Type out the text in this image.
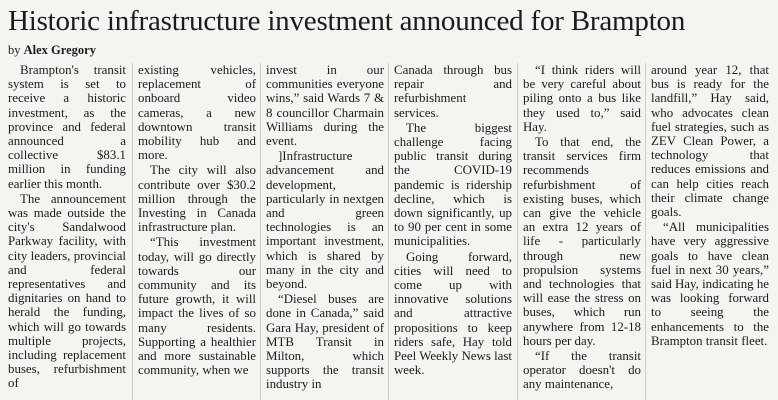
Historic infrastructure investment announced for Brampton
by Alex Gregory

Brampton's transit system is set to receive a historic investment, as the province and federal announced a collective $83.1 million in funding earlier this month.

The announcement was made outside the city's Sandalwood Parkway facility, with city leaders, provincial and federal representatives and dignitaries on hand to herald the funding, which will go towards multiple projects, including replacement buses, refurbishment of

existing vehicles, replacement of onboard video cameras, a new downtown transit mobility hub and more.

The city will also contribute over $30.2 million through the Investing in Canada infrastructure plan.

“This investment today, will go directly towards our community and its future growth, it will impact the lives of so many residents. Supporting a healthier and more sustainable community, when we

invest in our communities everyone wins,” said Wards 7 & 8 councillor Charmain Williams during the event.

]Infrastructure advancement and development, particularly in nextgen and green technologies is an important investment, which is shared by many in the city and beyond.

“Diesel buses are done in Canada,” said Gara Hay, president of MTB Transit in Milton, which supports the transit industry in

Canada through bus repair and refurbishment services.

The biggest challenge facing public transit during the COVID-19 pandemic is ridership decline, which is down significantly, up to 90 per cent in some municipalities.

Going forward, cities will need to come up with innovative solutions and attractive propositions to keep riders safe, Hay told Peel Weekly News last week.

“I think riders will be very careful about piling onto a bus like they used to,” said Hay.

To that end, the transit services firm recommends refurbishment of existing buses, which can give the vehicle an extra 12 years of life - particularly through new propulsion systems and technologies that will ease the stress on buses, which run anywhere from 12-18 hours per day.

“If the transit operator doesn't do any maintenance,

around year 12, that bus is ready for the landfill,” Hay said, who advocates clean fuel strategies, such as ZEV Clean Power, a technology that reduces emissions and can help cities reach their climate change goals.

“All municipalities have very aggressive goals to have clean fuel in next 30 years,” said Hay, indicating he was looking forward to seeing the enhancements to the Brampton transit fleet.
